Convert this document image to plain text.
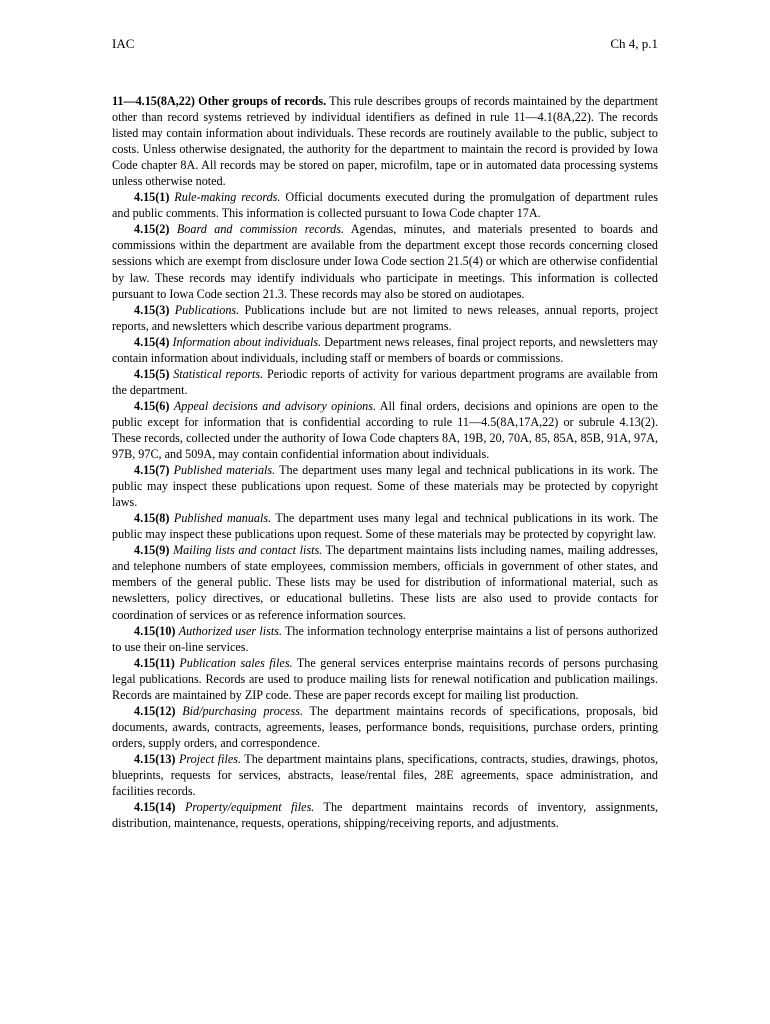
IAC	Ch 4, p.1

11—4.15(8A,22) Other groups of records. This rule describes groups of records maintained by the department other than record systems retrieved by individual identifiers as defined in rule 11—4.1(8A,22). The records listed may contain information about individuals. These records are routinely available to the public, subject to costs. Unless otherwise designated, the authority for the department to maintain the record is provided by Iowa Code chapter 8A. All records may be stored on paper, microfilm, tape or in automated data processing systems unless otherwise noted.

4.15(1) Rule-making records. Official documents executed during the promulgation of department rules and public comments. This information is collected pursuant to Iowa Code chapter 17A.

4.15(2) Board and commission records. Agendas, minutes, and materials presented to boards and commissions within the department are available from the department except those records concerning closed sessions which are exempt from disclosure under Iowa Code section 21.5(4) or which are otherwise confidential by law. These records may identify individuals who participate in meetings. This information is collected pursuant to Iowa Code section 21.3. These records may also be stored on audiotapes.

4.15(3) Publications. Publications include but are not limited to news releases, annual reports, project reports, and newsletters which describe various department programs.

4.15(4) Information about individuals. Department news releases, final project reports, and newsletters may contain information about individuals, including staff or members of boards or commissions.

4.15(5) Statistical reports. Periodic reports of activity for various department programs are available from the department.

4.15(6) Appeal decisions and advisory opinions. All final orders, decisions and opinions are open to the public except for information that is confidential according to rule 11—4.5(8A,17A,22) or subrule 4.13(2). These records, collected under the authority of Iowa Code chapters 8A, 19B, 20, 70A, 85, 85A, 85B, 91A, 97A, 97B, 97C, and 509A, may contain confidential information about individuals.

4.15(7) Published materials. The department uses many legal and technical publications in its work. The public may inspect these publications upon request. Some of these materials may be protected by copyright laws.

4.15(8) Published manuals. The department uses many legal and technical publications in its work. The public may inspect these publications upon request. Some of these materials may be protected by copyright law.

4.15(9) Mailing lists and contact lists. The department maintains lists including names, mailing addresses, and telephone numbers of state employees, commission members, officials in government of other states, and members of the general public. These lists may be used for distribution of informational material, such as newsletters, policy directives, or educational bulletins. These lists are also used to provide contacts for coordination of services or as reference information sources.

4.15(10) Authorized user lists. The information technology enterprise maintains a list of persons authorized to use their on-line services.

4.15(11) Publication sales files. The general services enterprise maintains records of persons purchasing legal publications. Records are used to produce mailing lists for renewal notification and publication mailings. Records are maintained by ZIP code. These are paper records except for mailing list production.

4.15(12) Bid/purchasing process. The department maintains records of specifications, proposals, bid documents, awards, contracts, agreements, leases, performance bonds, requisitions, purchase orders, printing orders, supply orders, and correspondence.

4.15(13) Project files. The department maintains plans, specifications, contracts, studies, drawings, photos, blueprints, requests for services, abstracts, lease/rental files, 28E agreements, space administration, and facilities records.

4.15(14) Property/equipment files. The department maintains records of inventory, assignments, distribution, maintenance, requests, operations, shipping/receiving reports, and adjustments.
